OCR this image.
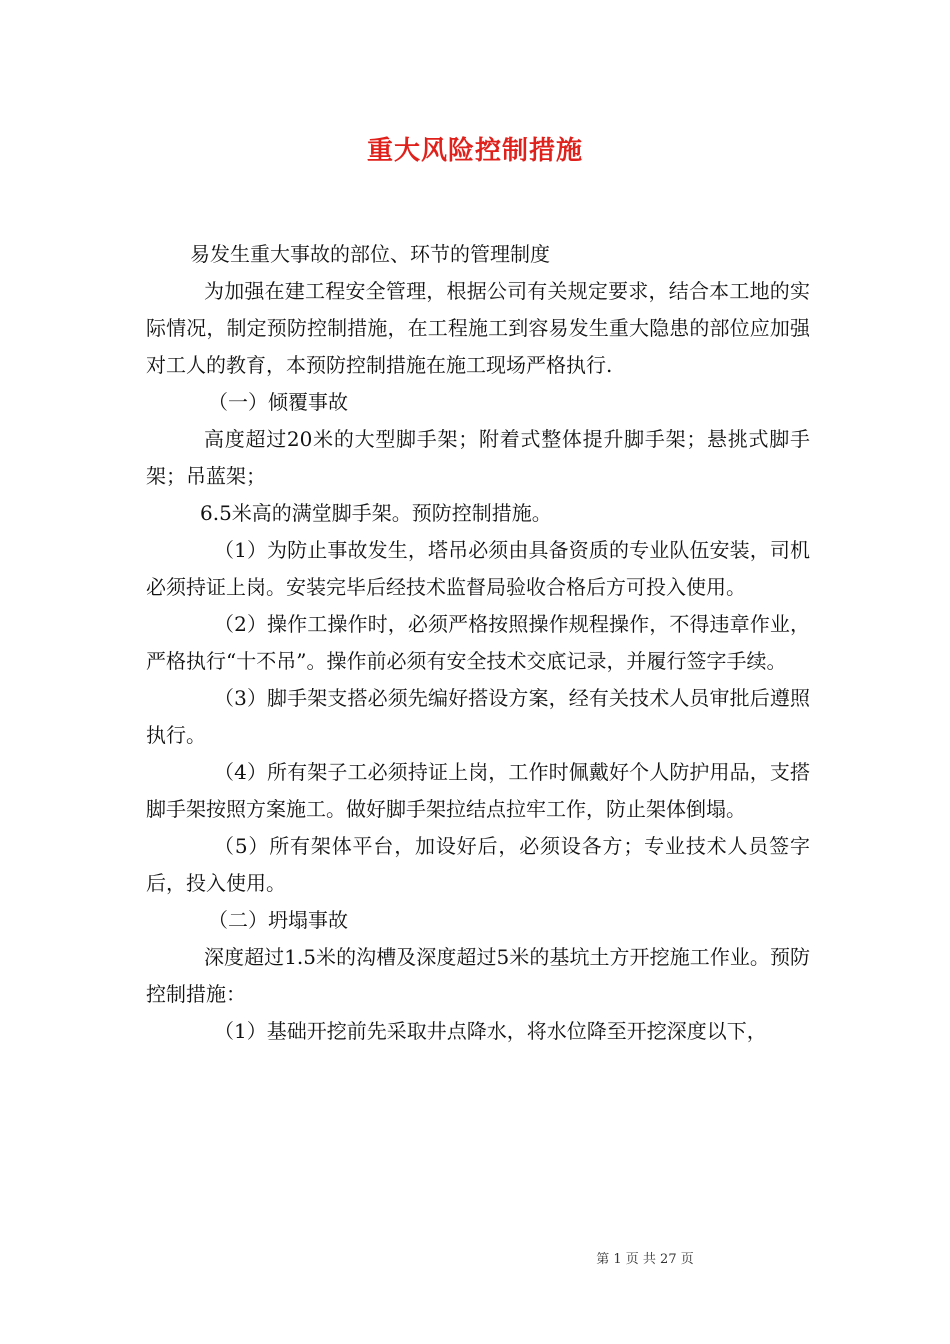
重大风险控制措施

易发生重大事故的部位、环节的管理制度

为加强在建工程安全管理，根据公司有关规定要求，结合本工地的实际情况，制定预防控制措施，在工程施工到容易发生重大隐患的部位应加强对工人的教育，本预防控制措施在施工现场严格执行.

（一）倾覆事故

高度超过20米的大型脚手架；附着式整体提升脚手架；悬挑式脚手架；吊蓝架；

6.5米高的满堂脚手架。预防控制措施。

（1）为防止事故发生，塔吊必须由具备资质的专业队伍安装，司机必须持证上岗。安装完毕后经技术监督局验收合格后方可投入使用。

（2）操作工操作时，必须严格按照操作规程操作，不得违章作业，严格执行“十不吊”。操作前必须有安全技术交底记录，并履行签字手续。

（3）脚手架支搭必须先编好搭设方案，经有关技术人员审批后遵照执行。

（4）所有架子工必须持证上岗，工作时佩戴好个人防护用品，支搭脚手架按照方案施工。做好脚手架拉结点拉牢工作，防止架体倒塌。

（5）所有架体平台，加设好后，必须设各方；专业技术人员签字后，投入使用。

（二）坍塌事故

深度超过1.5米的沟槽及深度超过5米的基坑土方开挖施工作业。预防控制措施：

（1）基础开挖前先采取井点降水，将水位降至开挖深度以下，

第 1 页 共 27 页
